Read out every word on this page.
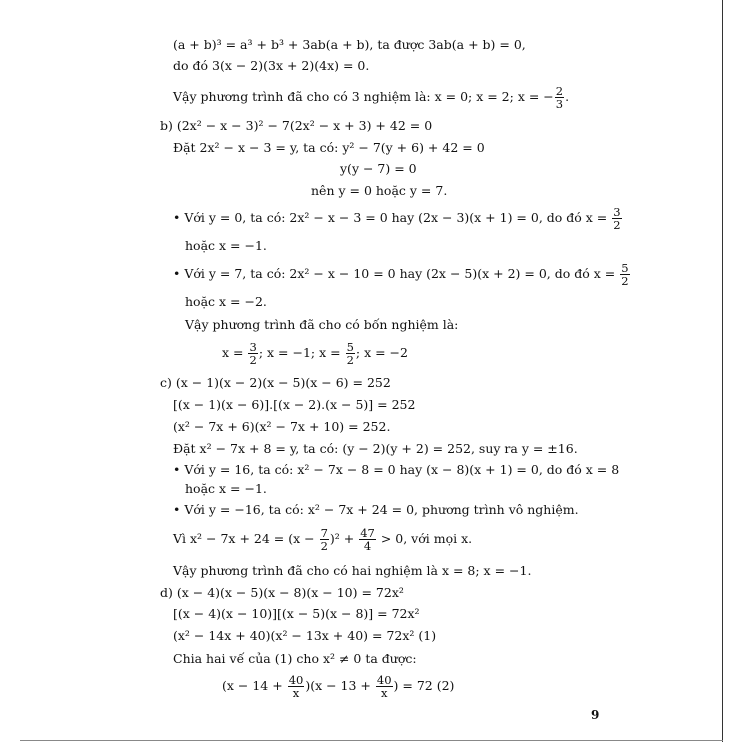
(a + b)³ = a³ + b³ + 3ab(a + b), ta được 3ab(a + b) = 0,
do đó 3(x − 2)(3x + 2)(4x) = 0.
Vậy phương trình đã cho có 3 nghiệm là: x = 0; x = 2; x = − $\frac{2}{3}$ .
b) (2x² − x − 3)² − 7(2x² − x + 3) + 42 = 0
Đặt 2x² − x − 3 = y, ta có: y² − 7(y + 6) + 42 = 0
y(y − 7) = 0
nên y = 0 hoặc y = 7.
• Với y = 0, ta có: 2x² − x − 3 = 0 hay (2x − 3)(x + 1) = 0, do đó $x = \frac{3}{2}$
hoặc x = −1.
• Với y = 7, ta có: 2x² − x − 10 = 0 hay (2x − 5)(x + 2) = 0, do đó $x = \frac{5}{2}$
hoặc x = −2.
Vậy phương trình đã cho có bốn nghiệm là:
$x = \frac{3}{2}$ ; x = −1; $x = \frac{5}{2}$ ; x = −2
c) (x − 1)(x − 2)(x − 5)(x − 6) = 252
[(x − 1)(x − 6)].[(x − 2).(x − 5)] = 252
(x² − 7x + 6)(x² − 7x + 10) = 252.
Đặt x² − 7x + 8 = y, ta có: (y − 2)(y + 2) = 252, suy ra y = ±16.
• Với y = 16, ta có: x² − 7x − 8 = 0 hay (x − 8)(x + 1) = 0, do đó x = 8
hoặc x = −1.
• Với y = −16, ta có: x² − 7x + 24 = 0, phương trình vô nghiệm.
Vì $x^2 - 7x + 24 = (x - \frac{7}{2} )^2 + \frac{47}{4} > 0$, với mọi x.
Vậy phương trình đã cho có hai nghiệm là x = 8; x = −1.
d) (x − 4)(x − 5)(x − 8)(x − 10) = 72x²
[(x − 4)(x − 10)][(x − 5)(x − 8)] = 72x²
(x² − 14x + 40)(x² − 13x + 40) = 72x² (1)
Chia hai vế của (1) cho x² ≠ 0 ta được:
$(x - 14 + \frac{40}{x} )(x - 13 + \frac{40}{x}$ ) = 72 (2)
9
